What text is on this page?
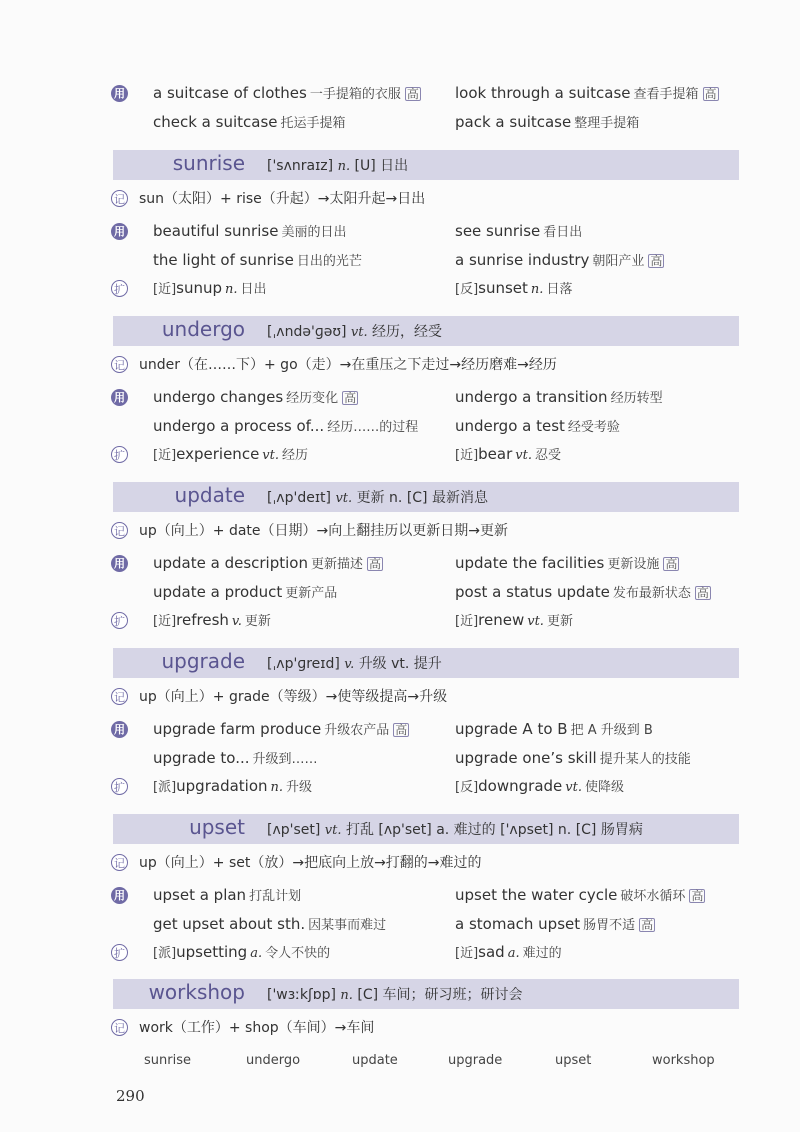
用 a suitcase of clothes 一手提箱的衣服 高 look through a suitcase 查看手提箱 高
check a suitcase 托运手提箱	pack a suitcase 整理手提箱
sunrise ['sʌnraɪz] n. [U] 日出
记 sun（太阳）+ rise（升起）→太阳升起→日出
用 beautiful sunrise 美丽的日出	see sunrise 看日出
the light of sunrise 日出的光芒	a sunrise industry 朝阳产业 高
扩 [近]sunup n. 日出	[反]sunset n. 日落
undergo [ˌʌndə'ɡəʊ] vt. 经历，经受
记 under（在……下）+ go（走）→在重压之下走过→经历磨难→经历
用 undergo changes 经历变化 高	undergo a transition 经历转型
undergo a process of... 经历……的过程 undergo a test 经受考验
扩 [近]experience vt. 经历	[近]bear vt. 忍受
update [ˌʌp'deɪt] vt. 更新 n. [C] 最新消息
记 up（向上）+ date（日期）→向上翻挂历以更新日期→更新
用 update a description 更新描述 高	update the facilities 更新设施 高
update a product 更新产品	post a status update 发布最新状态 高
扩 [近]refresh v. 更新	[近]renew vt. 更新
upgrade [ˌʌp'ɡreɪd] v. 升级 vt. 提升
记 up（向上）+ grade（等级）→使等级提高→升级
用 upgrade farm produce 升级农产品 高	upgrade A to B 把 A 升级到 B
upgrade to... 升级到……	upgrade one’s skill 提升某人的技能
扩 [派]upgradation n. 升级	[反]downgrade vt. 使降级
upset [ʌp'set] vt. 打乱 [ʌp'set] a. 难过的 ['ʌpset] n. [C] 肠胃病
记 up（向上）+ set（放）→把底向上放→打翻的→难过的
用 upset a plan 打乱计划	upset the water cycle 破坏水循环 高
get upset about sth. 因某事而难过	a stomach upset 肠胃不适 高
扩 [派]upsetting a. 令人不快的	[近]sad a. 难过的
workshop ['wɜːkʃɒp] n. [C] 车间；研习班；研讨会
记 work（工作）+ shop（车间）→车间
sunrise	undergo	update	upgrade	upset	workshop
290
